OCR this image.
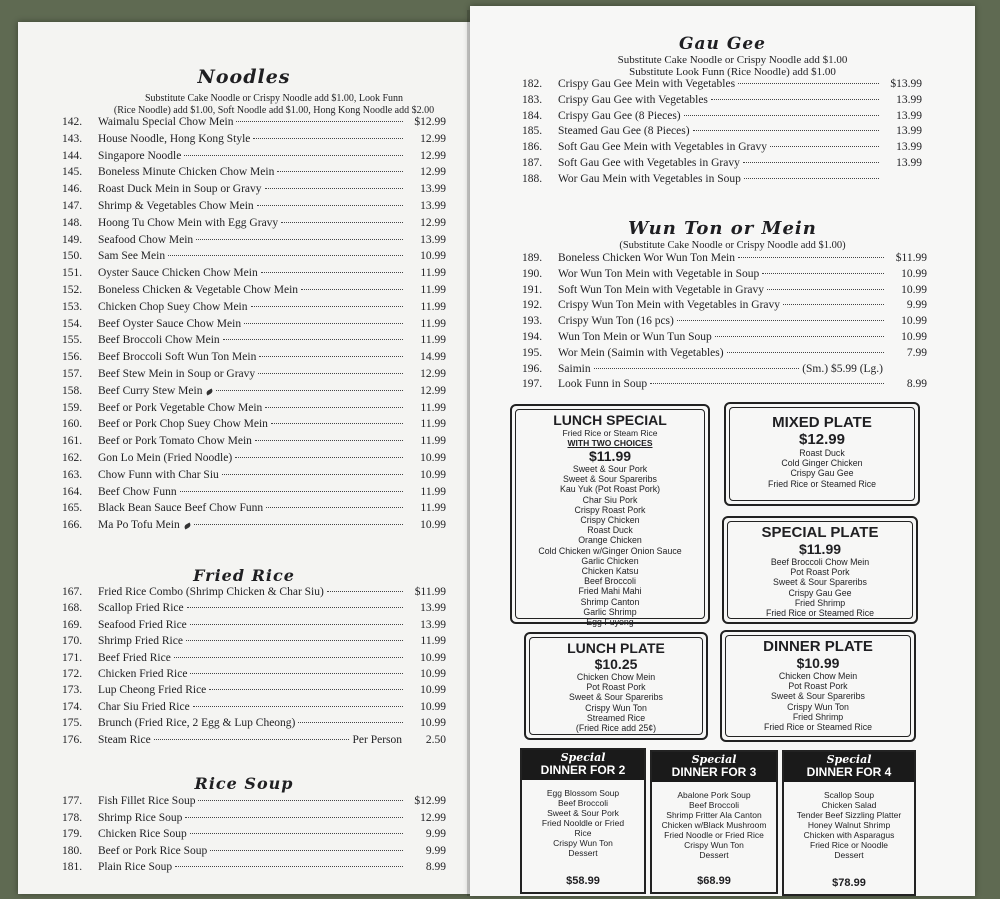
Noodles
Substitute Cake Noodle or Crispy Noodle add $1.00, Look Funn
(Rice Noodle) add $1.00, Soft Noodle add $1.00, Hong Kong Noodle add $2.00
142.	Waimalu Special Chow Mein	$12.99
143.	House Noodle, Hong Kong Style	12.99
144.	Singapore Noodle	12.99
145.	Boneless Minute Chicken Chow Mein	12.99
146.	Roast Duck Mein in Soup or Gravy	13.99
147.	Shrimp & Vegetables Chow Mein	13.99
148.	Hoong Tu Chow Mein with Egg Gravy	12.99
149.	Seafood Chow Mein	13.99
150.	Sam See Mein	10.99
151.	Oyster Sauce Chicken Chow Mein	11.99
152.	Boneless Chicken & Vegetable Chow Mein	11.99
153.	Chicken Chop Suey Chow Mein	11.99
154.	Beef Oyster Sauce Chow Mein	11.99
155.	Beef Broccoli Chow Mein	11.99
156.	Beef Broccoli Soft Wun Ton Mein	14.99
157.	Beef Stew Mein in Soup or Gravy	12.99
158.	Beef Curry Stew Mein	12.99
159.	Beef or Pork Vegetable Chow Mein	11.99
160.	Beef or Pork Chop Suey Chow Mein	11.99
161.	Beef or Pork Tomato Chow Mein	11.99
162.	Gon Lo Mein (Fried Noodle)	10.99
163.	Chow Funn with Char Siu	10.99
164.	Beef Chow Funn	11.99
165.	Black Bean Sauce Beef Chow Funn	11.99
166.	Ma Po Tofu Mein	10.99
Fried Rice
167.	Fried Rice Combo (Shrimp Chicken & Char Siu)	$11.99
168.	Scallop Fried Rice	13.99
169.	Seafood Fried Rice	13.99
170.	Shrimp Fried Rice	11.99
171.	Beef Fried Rice	10.99
172.	Chicken Fried Rice	10.99
173.	Lup Cheong Fried Rice	10.99
174.	Char Siu Fried Rice	10.99
175.	Brunch (Fried Rice, 2 Egg & Lup Cheong)	10.99
176.	Steam Rice	Per Person	2.50
Rice Soup
177.	Fish Fillet Rice Soup	$12.99
178.	Shrimp Rice Soup	12.99
179.	Chicken Rice Soup	9.99
180.	Beef or Pork Rice Soup	9.99
181.	Plain Rice Soup	8.99
Gau Gee
Substitute Cake Noodle or Crispy Noodle add $1.00
Substitute Look Funn (Rice Noodle) add $1.00
182.	Crispy Gau Gee Mein with Vegetables	$13.99
183.	Crispy Gau Gee with Vegetables	13.99
184.	Crispy Gau Gee (8 Pieces)	13.99
185.	Steamed Gau Gee (8 Pieces)	13.99
186.	Soft Gau Gee Mein with Vegetables in Gravy	13.99
187.	Soft Gau Gee with Vegetables in Gravy	13.99
188.	Wor Gau Mein with Vegetables in Soup
Wun Ton or Mein
(Substitute Cake Noodle or Crispy Noodle add $1.00)
189.	Boneless Chicken Wor Wun Ton Mein	$11.99
190.	Wor Wun Ton Mein with Vegetable in Soup	10.99
191.	Soft Wun Ton Mein with Vegetable in Gravy	10.99
192.	Crispy Wun Ton Mein with Vegetables in Gravy	9.99
193.	Crispy Wun Ton (16 pcs)	10.99
194.	Wun Ton Mein or Wun Tun Soup	10.99
195.	Wor Mein (Saimin with Vegetables)	7.99
196.	Saimin	(Sm.) $5.99 (Lg.)
197.	Look Funn in Soup	8.99
LUNCH SPECIAL
Fried Rice or Steam Rice
WITH TWO CHOICES
$11.99
Sweet & Sour Pork
Sweet & Sour Spareribs
Kau Yuk (Pot Roast Pork)
Char Siu Pork
Crispy Roast Pork
Crispy Chicken
Roast Duck
Orange Chicken
Cold Chicken w/Ginger Onion Sauce
Garlic Chicken
Chicken Katsu
Beef Broccoli
Fried Mahi Mahi
Shrimp Canton
Garlic Shrimp
Egg Fuyong
MIXED PLATE
$12.99
Roast Duck
Cold Ginger Chicken
Crispy Gau Gee
Fried Rice or Steamed Rice
SPECIAL PLATE
$11.99
Beef Broccoli Chow Mein
Pot Roast Pork
Sweet & Sour Spareribs
Crispy Gau Gee
Fried Shrimp
Fried Rice or Steamed Rice
LUNCH PLATE
$10.25
Chicken Chow Mein
Pot Roast Pork
Sweet & Sour Spareribs
Crispy Wun Ton
Streamed Rice
(Fried Rice add 25¢)
DINNER PLATE
$10.99
Chicken Chow Mein
Pot Roast Pork
Sweet & Sour Spareribs
Crispy Wun Ton
Fried Shrimp
Fried Rice or Steamed Rice
Special
DINNER FOR 2
Egg Blossom Soup
Beef Broccoli
Sweet & Sour Pork
Fried Nooldle or Fried
Rice
Crispy Wun Ton
Dessert
$58.99
Special
DINNER FOR 3
Abalone Pork Soup
Beef Broccoli
Shrimp Fritter Ala Canton
Chicken w/Black Mushroom
Fried Noodle or Fried Rice
Crispy Wun Ton
Dessert
$68.99
Special
DINNER FOR 4
Scallop Soup
Chicken Salad
Tender Beef Sizzling Platter
Honey Walnut Shrimp
Chicken with Asparagus
Fried Rice or Noodle
Dessert
$78.99
